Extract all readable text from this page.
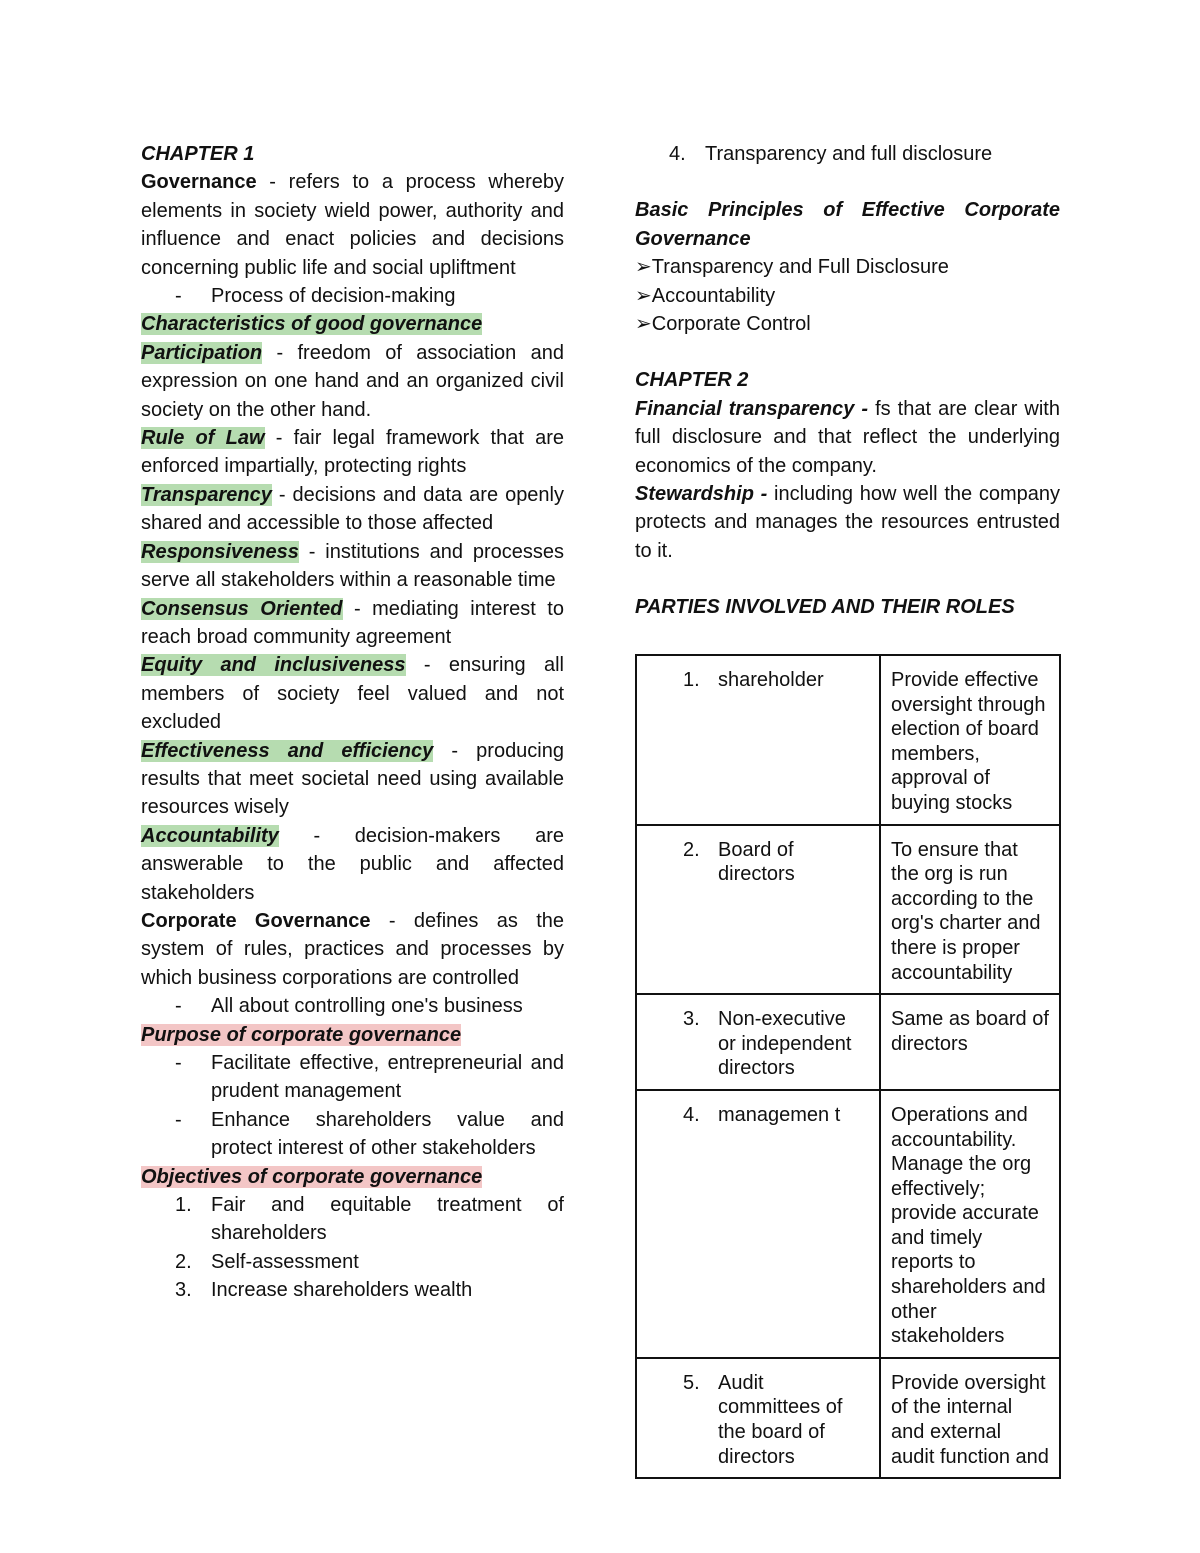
CHAPTER 1

Governance - refers to a process whereby elements in society wield power, authority and influence and enact policies and decisions concerning public life and social upliftment

- Process of decision-making

Characteristics of good governance

Participation - freedom of association and expression on one hand and an organized civil society on the other hand.

Rule of Law - fair legal framework that are enforced impartially, protecting rights

Transparency - decisions and data are openly shared and accessible to those affected

Responsiveness - institutions and processes serve all stakeholders within a reasonable time

Consensus Oriented - mediating interest to reach broad community agreement

Equity and inclusiveness - ensuring all members of society feel valued and not excluded

Effectiveness and efficiency - producing results that meet societal need using available resources wisely

Accountability - decision-makers are answerable to the public and affected stakeholders

Corporate Governance - defines as the system of rules, practices and processes by which business corporations are controlled

- All about controlling one's business

Purpose of corporate governance

- Facilitate effective, entrepreneurial and prudent management
- Enhance shareholders value and protect interest of other stakeholders

Objectives of corporate governance

1. Fair and equitable treatment of shareholders
2. Self-assessment
3. Increase shareholders wealth
4. Transparency and full disclosure

Basic Principles of Effective Corporate Governance

➢Transparency and Full Disclosure
➢Accountability
➢Corporate Control

CHAPTER 2

Financial transparency - fs that are clear with full disclosure and that reflect the underlying economics of the company.

Stewardship - including how well the company protects and manages the resources entrusted to it.

PARTIES INVOLVED AND THEIR ROLES

1. shareholder	Provide effective oversight through election of board members, approval of buying stocks

2. Board of directors	To ensure that the org is run according to the org's charter and there is proper accountability

3. Non-executive or independent directors	Same as board of directors

4. managemen t	Operations and accountability. Manage the org effectively; provide accurate and timely reports to shareholders and other stakeholders

5. Audit committees of the board of directors	Provide oversight of the internal and external audit function and
